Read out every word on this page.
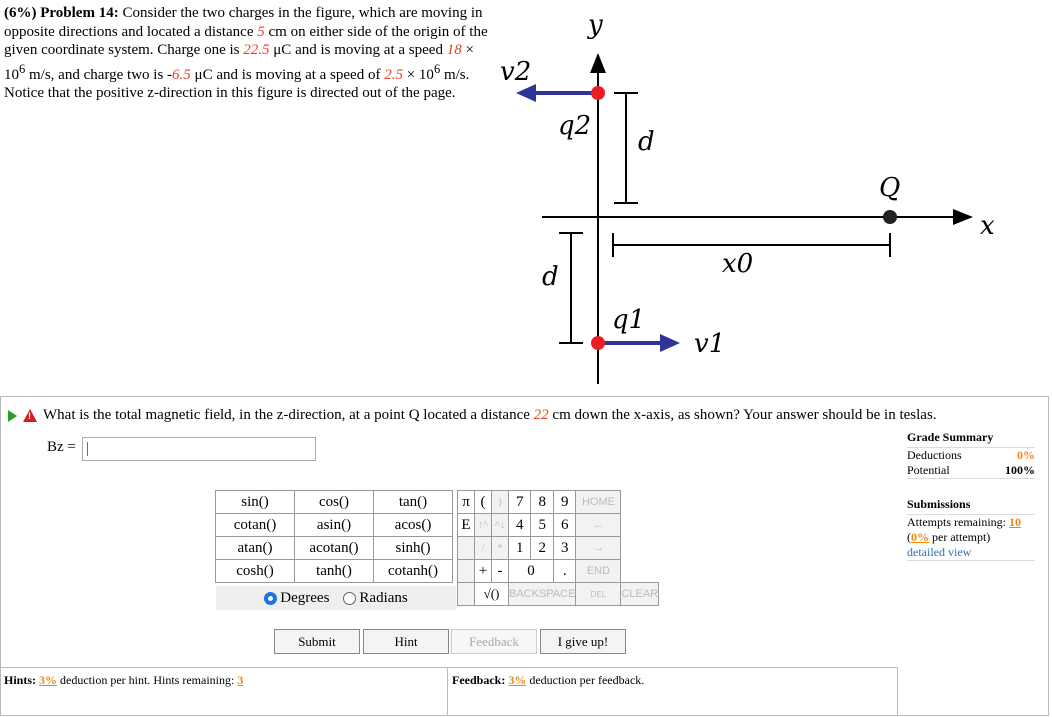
(6%) Problem 14: Consider the two charges in the figure, which are moving in opposite directions and located a distance 5 cm on either side of the origin of the given coordinate system. Charge one is 22.5 μC and is moving at a speed $18 \times 10^6$ m/s, and charge two is -6.5 μC and is moving at a speed of $2.5 \times 10^6$ m/s. Notice that the positive z-direction in this figure is directed out of the page.
y
x
v2
q2
d
Q
x0
d
q1
v1
! What is the total magnetic field, in the z-direction, at a point Q located a distance 22 cm down the x-axis, as shown? Your answer should be in teslas.
Bz =
sin()	cos()	tan()		π	(	)	7	8	9	HOME	
cotan()	asin()	acos()		E	↑^	^↓	4	5	6	←	
atan()	acotan()	sinh()			/	*	1	2	3	→	
cosh()	tanh()	cotanh()			+	-	0		.	END	
					√()		BACKSPACE			DEL	CLEAR
Degrees	Radians
Submit	Hint	Feedback	I give up!
Grade Summary
Deductions	0%
Potential	100%
Submissions
Attempts remaining: 10
(0% per attempt)
detailed view
Hints: 3% deduction per hint. Hints remaining: 3	Feedback: 3% deduction per feedback.
